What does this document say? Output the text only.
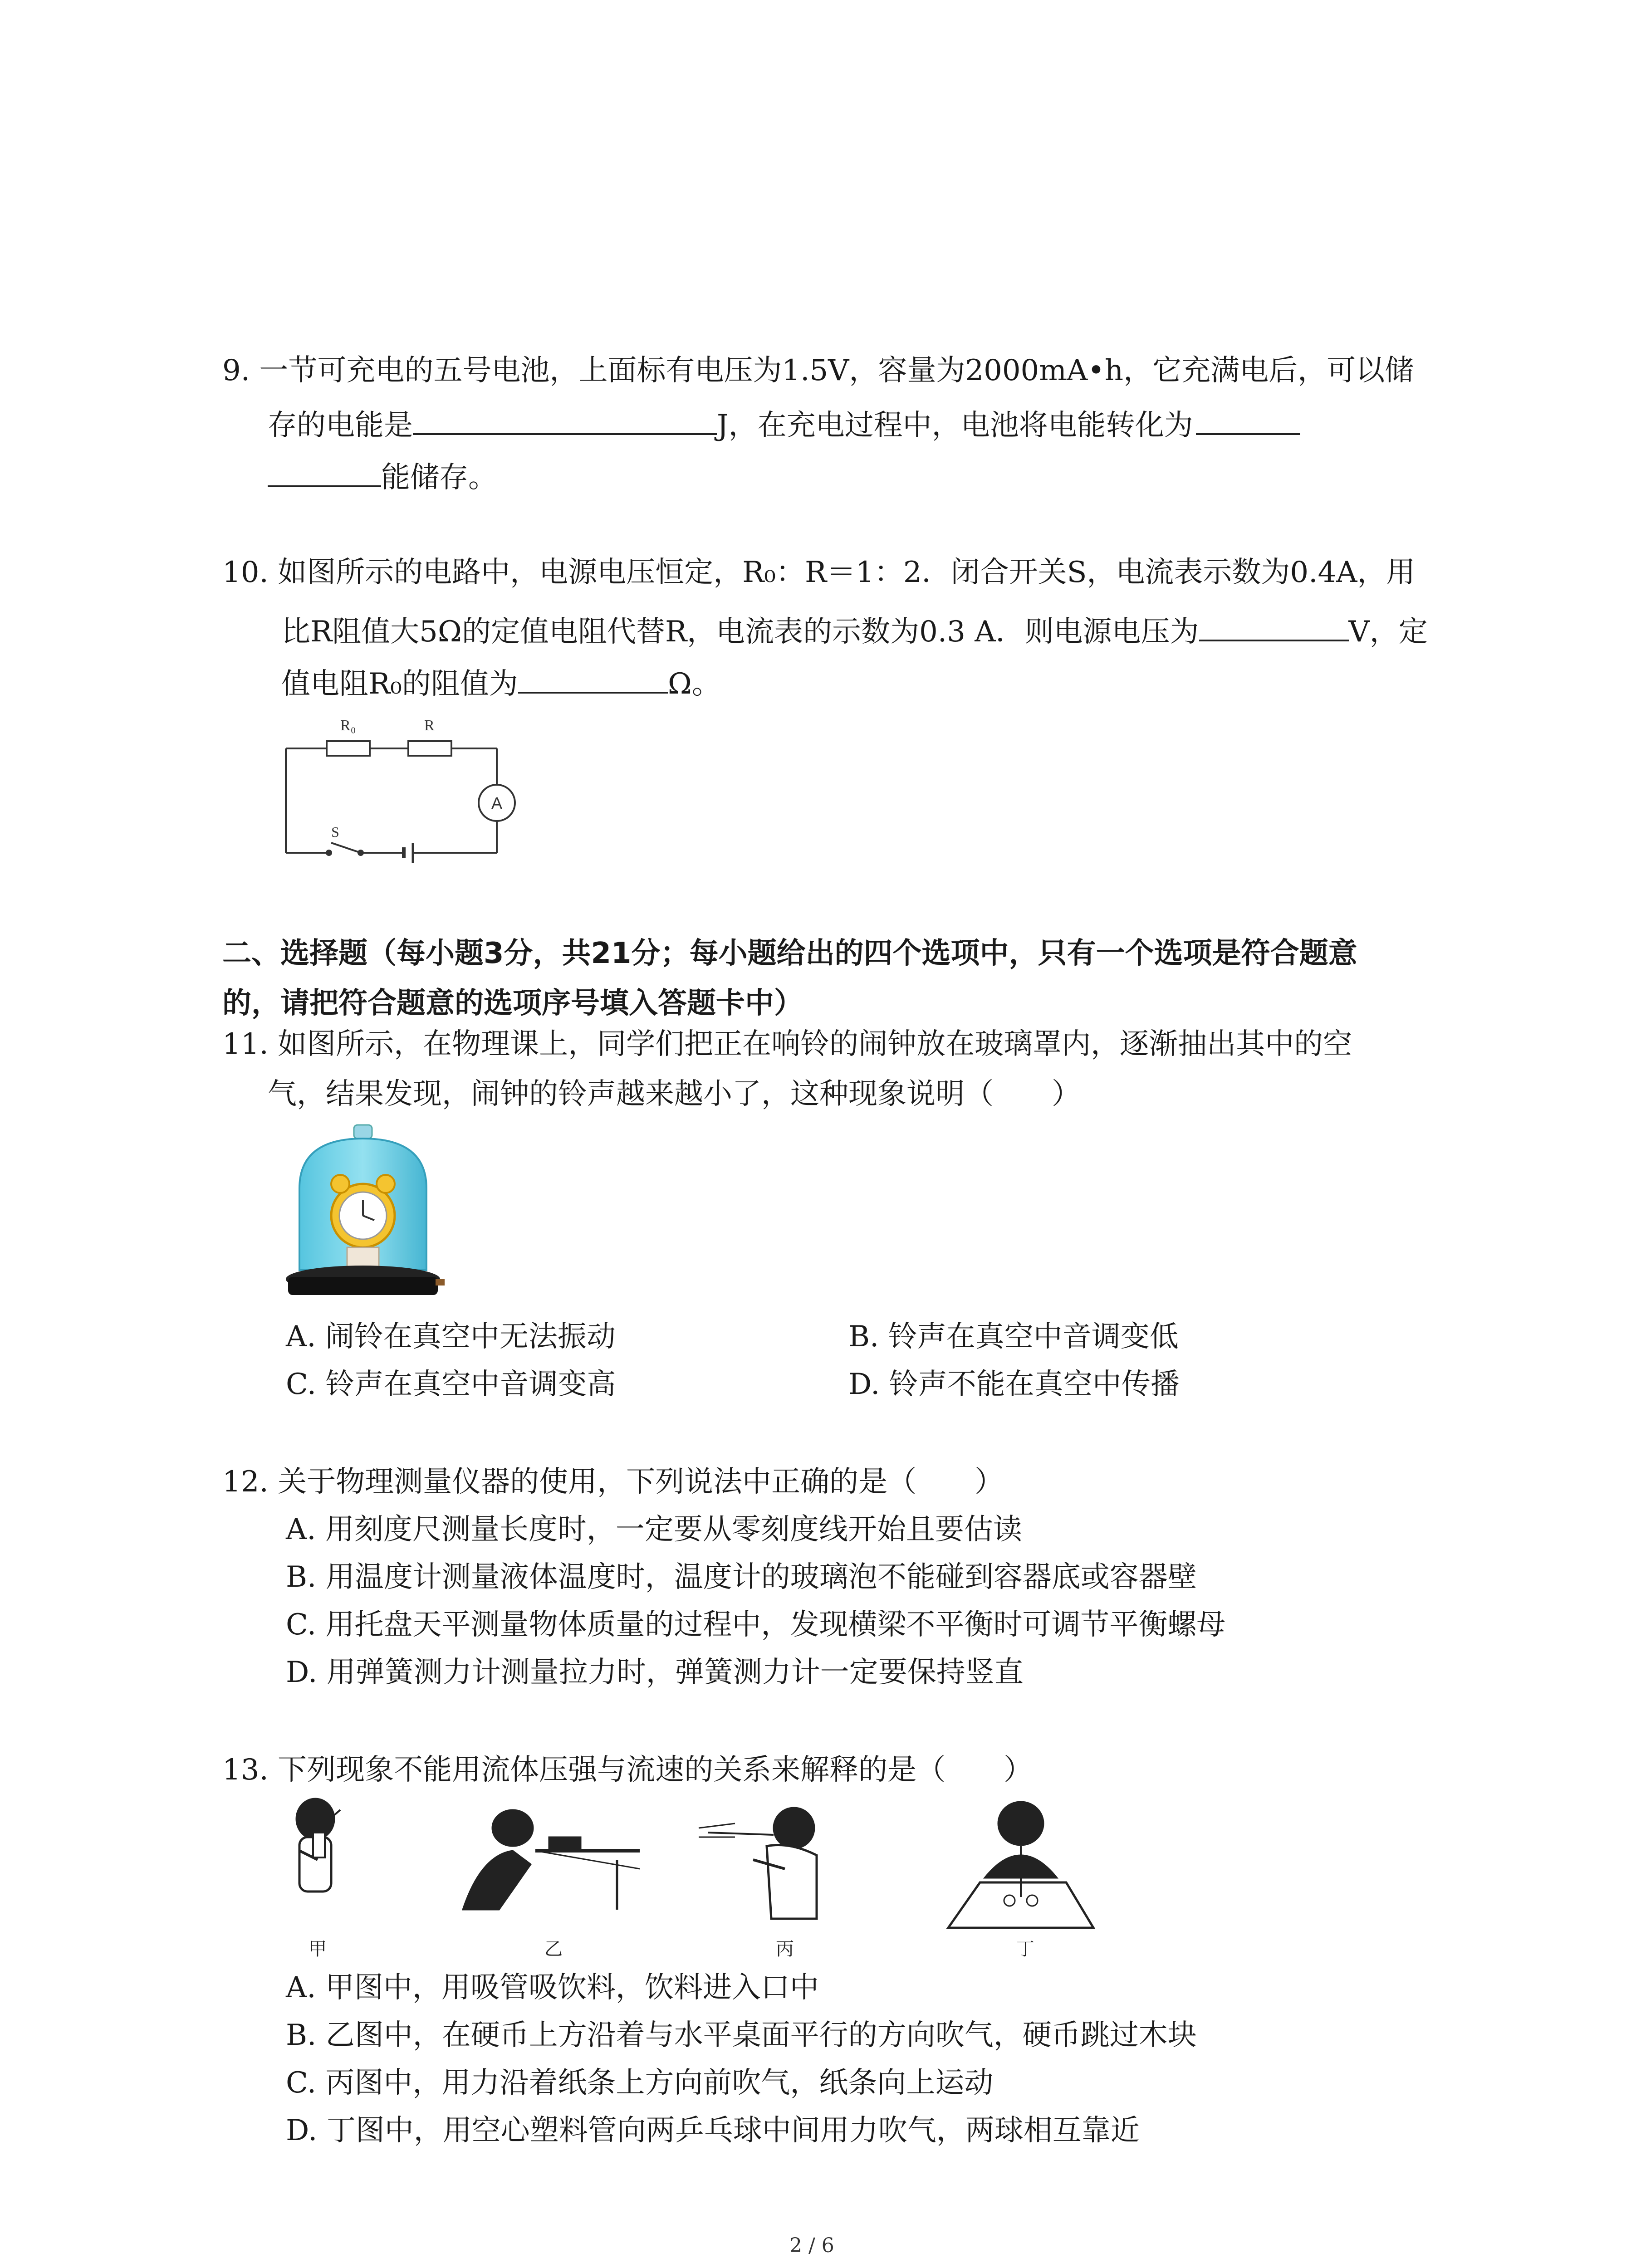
9. 一节可充电的五号电池，上面标有电压为1.5V，容量为2000mA•h，它充满电后，可以储
存的电能是	J，在充电过程中，电池将电能转化为
能储存。
10. 如图所示的电路中，电源电压恒定，R₀：R＝1：2．闭合开关S，电流表示数为0.4A，用
比R阻值大5Ω的定值电阻代替R，电流表的示数为0.3 A．则电源电压为	V，定
值电阻R₀的阻值为	Ω。
R₀	R
A
S
二、选择题（每小题3分，共21分；每小题给出的四个选项中，只有一个选项是符合题意
的，请把符合题意的选项序号填入答题卡中）
11. 如图所示，在物理课上，同学们把正在响铃的闹钟放在玻璃罩内，逐渐抽出其中的空
气，结果发现，闹钟的铃声越来越小了，这种现象说明（　　）
A. 闹铃在真空中无法振动	B. 铃声在真空中音调变低
C. 铃声在真空中音调变高	D. 铃声不能在真空中传播
12. 关于物理测量仪器的使用，下列说法中正确的是（　　）
A. 用刻度尺测量长度时，一定要从零刻度线开始且要估读
B. 用温度计测量液体温度时，温度计的玻璃泡不能碰到容器底或容器壁
C. 用托盘天平测量物体质量的过程中，发现横梁不平衡时可调节平衡螺母
D. 用弹簧测力计测量拉力时，弹簧测力计一定要保持竖直
13. 下列现象不能用流体压强与流速的关系来解释的是（　　）
甲	乙	丙	丁
A. 甲图中，用吸管吸饮料，饮料进入口中
B. 乙图中，在硬币上方沿着与水平桌面平行的方向吹气，硬币跳过木块
C. 丙图中，用力沿着纸条上方向前吹气，纸条向上运动
D. 丁图中，用空心塑料管向两乒乓球中间用力吹气，两球相互靠近
2 / 6
